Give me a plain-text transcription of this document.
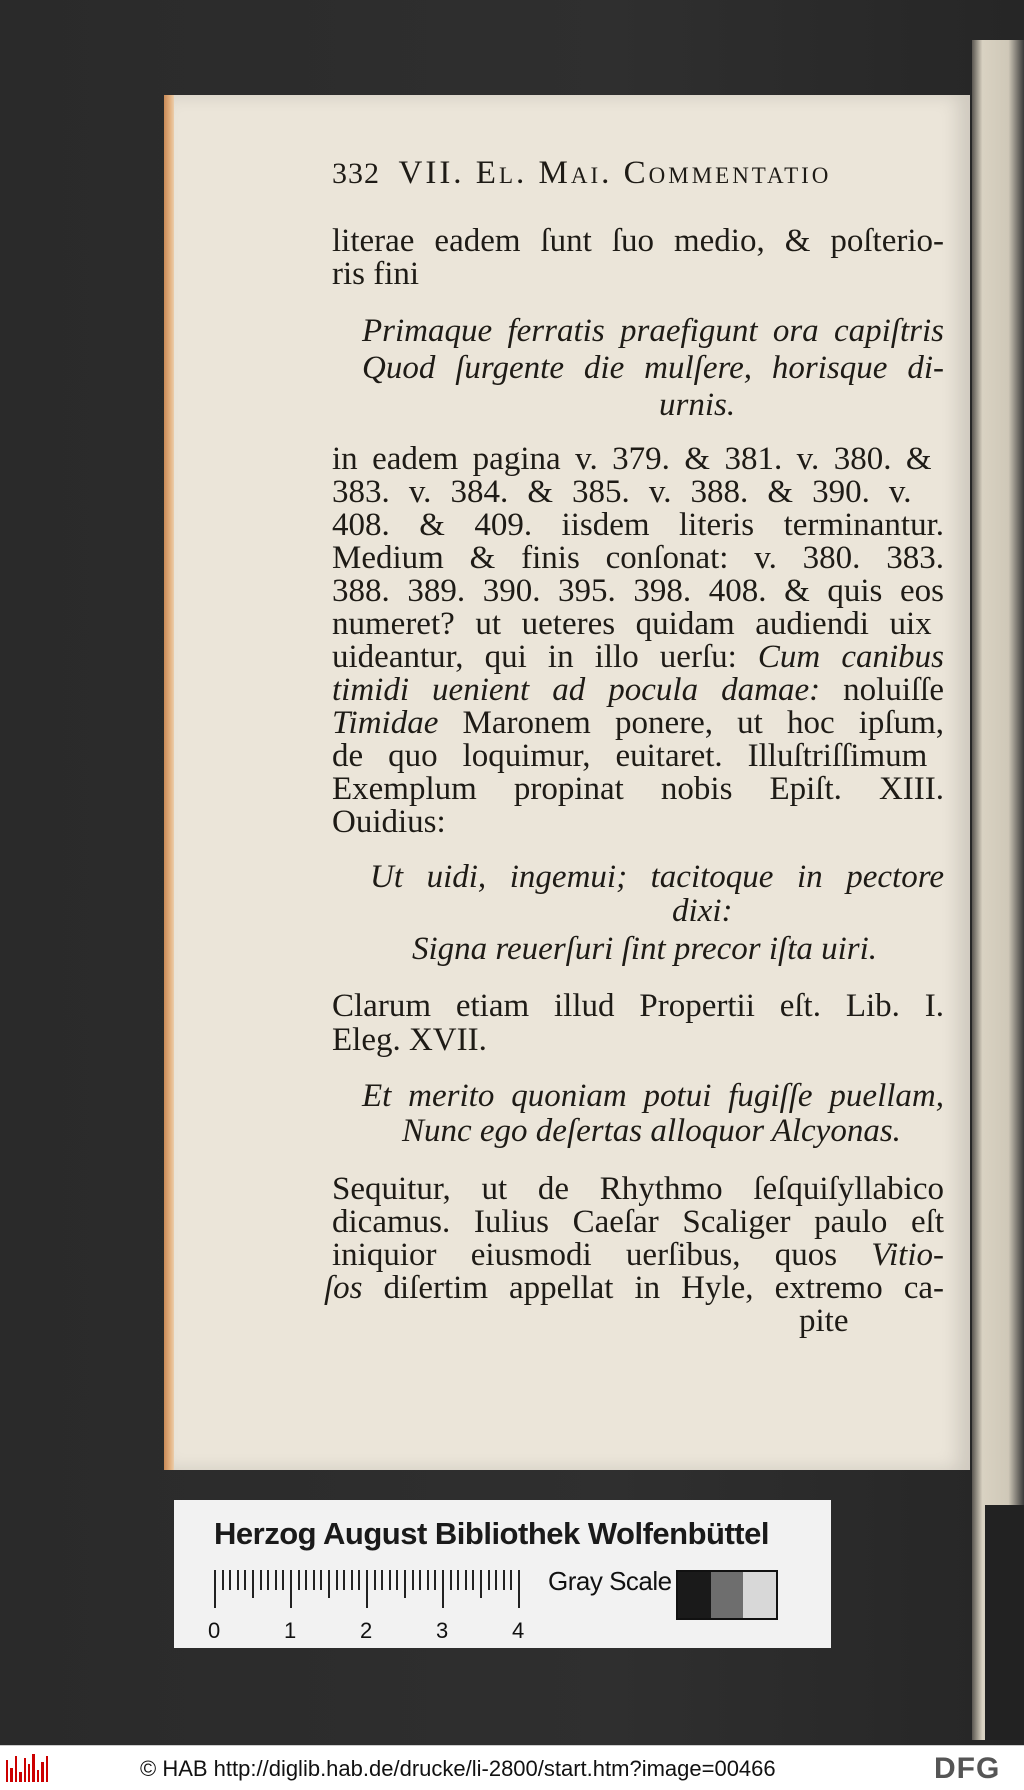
332 VII. El. Mai. Commentatio
literae eadem ſunt ſuo medio, & poſterio-
ris fini
Primaque ferratis praefigunt ora capiſtris
Quod ſurgente die mulſere, horisque di-
urnis.
in eadem pagina v. 379. & 381. v. 380. &
383. v. 384. & 385. v. 388. & 390. v.
408. & 409. iisdem literis terminantur.
Medium & finis conſonat: v. 380. 383.
388. 389. 390. 395. 398. 408. & quis eos
numeret? ut ueteres quidam audiendi uix
uideantur, qui in illo uerſu: Cum canibus
timidi uenient ad pocula damae: noluiſſe
Timidae Maronem ponere, ut hoc ipſum,
de quo loquimur, euitaret. Illuſtriſſimum
Exemplum propinat nobis Epiſt. XIII.
Ouidius:
Ut uidi, ingemui; tacitoque in pectore
dixi:
Signa reuerſuri ſint precor iſta uiri.
Clarum etiam illud Propertii eſt. Lib. I.
Eleg. XVII.
Et merito quoniam potui fugiſſe puellam,
Nunc ego deſertas alloquor Alcyonas.
Sequitur, ut de Rhythmo ſeſquiſyllabico
dicamus. Iulius Caeſar Scaliger paulo eſt
iniquior eiusmodi uerſibus, quos Vitio-
ſos diſertim appellat in Hyle, extremo ca-
pite
Herzog August Bibliothek Wolfenbüttel
0	1	2	3	4
Gray Scale
© HAB http://diglib.hab.de/drucke/li-2800/start.htm?image=00466	DFG
